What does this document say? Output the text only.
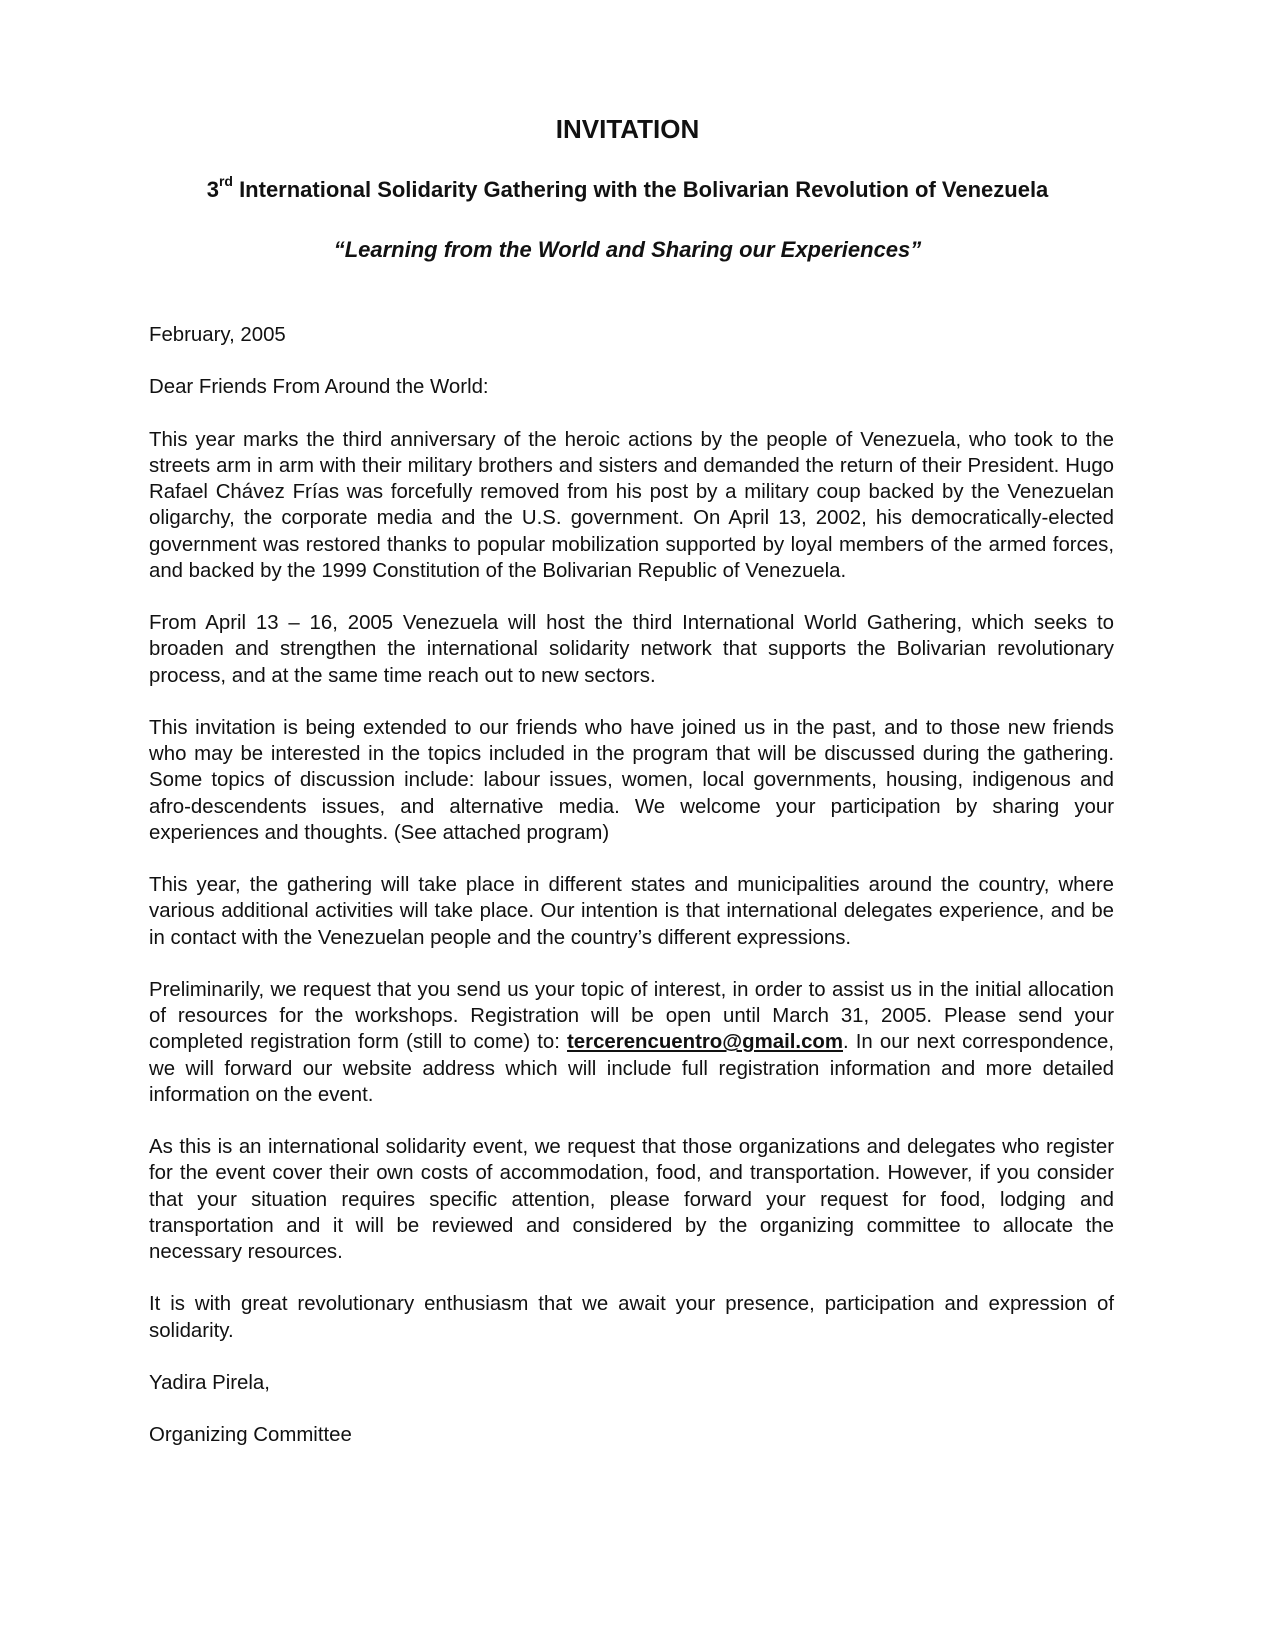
INVITATION
3rd International Solidarity Gathering with the Bolivarian Revolution of Venezuela
“Learning from the World and Sharing our Experiences”

February, 2005

Dear Friends From Around the World:

This year marks the third anniversary of the heroic actions by the people of Venezuela, who took to the streets arm in arm with their military brothers and sisters and demanded the return of their President. Hugo Rafael Chávez Frías was forcefully removed from his post by a military coup backed by the Venezuelan oligarchy, the corporate media and the U.S. government. On April 13, 2002, his democratically-elected government was restored thanks to popular mobilization supported by loyal members of the armed forces, and backed by the 1999 Constitution of the Bolivarian Republic of Venezuela.

From April 13 – 16, 2005 Venezuela will host the third International World Gathering, which seeks to broaden and strengthen the international solidarity network that supports the Bolivarian revolutionary process, and at the same time reach out to new sectors.

This invitation is being extended to our friends who have joined us in the past, and to those new friends who may be interested in the topics included in the program that will be discussed during the gathering. Some topics of discussion include: labour issues, women, local governments, housing, indigenous and afro-descendents issues, and alternative media. We welcome your participation by sharing your experiences and thoughts. (See attached program)

This year, the gathering will take place in different states and municipalities around the country, where various additional activities will take place. Our intention is that international delegates experience, and be in contact with the Venezuelan people and the country’s different expressions.

Preliminarily, we request that you send us your topic of interest, in order to assist us in the initial allocation of resources for the workshops. Registration will be open until March 31, 2005. Please send your completed registration form (still to come) to: tercerencuentro@gmail.com. In our next correspondence, we will forward our website address which will include full registration information and more detailed information on the event.

As this is an international solidarity event, we request that those organizations and delegates who register for the event cover their own costs of accommodation, food, and transportation. However, if you consider that your situation requires specific attention, please forward your request for food, lodging and transportation and it will be reviewed and considered by the organizing committee to allocate the necessary resources.

It is with great revolutionary enthusiasm that we await your presence, participation and expression of solidarity.

Yadira Pirela,

Organizing Committee
